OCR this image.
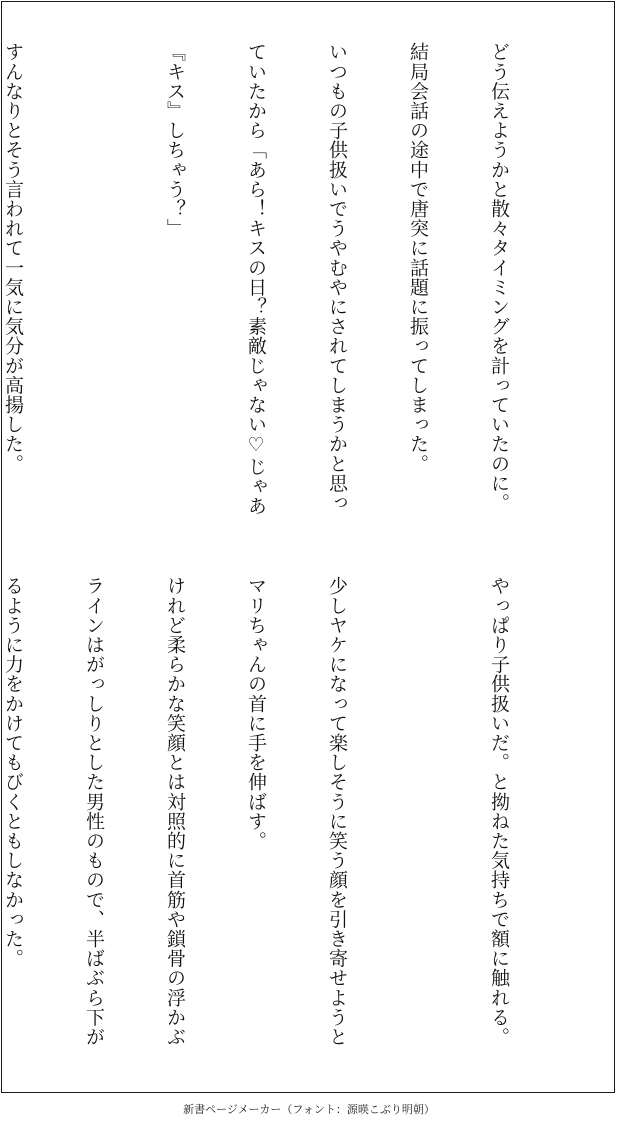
どう伝えようかと散々タイミングを計っていたのに。

結局会話の途中で唐突に話題に振ってしまった。

いつもの子供扱いでうやむやにされてしまうかと思っ

ていたから「あら！キスの日？素敵じゃない♡じゃあ

『キス』しちゃう？」

すんなりとそう言われて一気に気分が高揚した。

やっぱり子供扱いだ。と拗ねた気持ちで額に触れる。

少しヤケになって楽しそうに笑う顔を引き寄せようと

マリちゃんの首に手を伸ばす。

けれど柔らかな笑顔とは対照的に首筋や鎖骨の浮かぶ

ラインはがっしりとした男性のもので、半ばぶら下が

るように力をかけてもびくともしなかった。

新書ページメーカー（フォント：源暎こぶり明朝）
